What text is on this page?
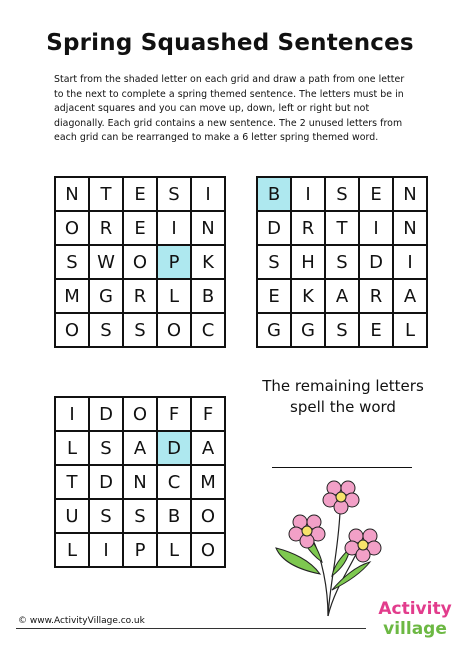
Spring Squashed Sentences
Start from the shaded letter on each grid and draw a path from one letter to the next to complete a spring themed sentence. The letters must be in adjacent squares and you can move up, down, left or right but not diagonally. Each grid contains a new sentence. The 2 unused letters from each grid can be rearranged to make a 6 letter spring themed word.
N	T	E	S	I
O	R	E	I	N
S	W	O	P	K
M	G	R	L	B
O	S	S	O	C
B	I	S	E	N
D	R	T	I	N
S	H	S	D	I
E	K	A	R	A
G	G	S	E	L
I	D	O	F	F
L	S	A	D	A
T	D	N	C	M
U	S	S	B	O
L	I	P	L	O
The remaining letters
spell the word
© www.ActivityVillage.co.uk
Activity
village
